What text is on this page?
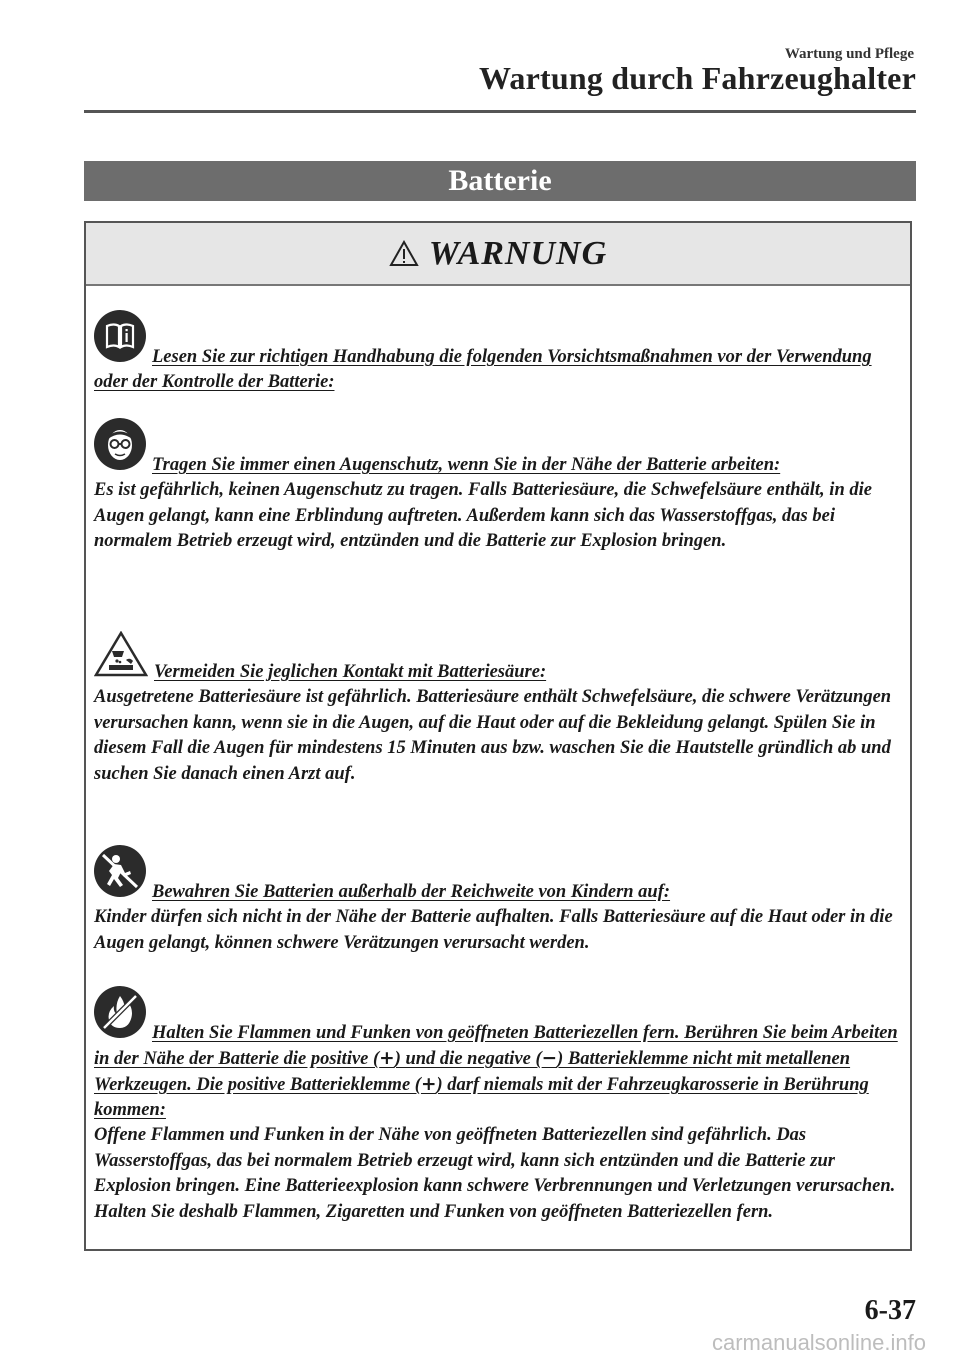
Wartung und Pflege
Wartung durch Fahrzeughalter
Batterie
WARNUNG
Lesen Sie zur richtigen Handhabung die folgenden Vorsichtsmaßnahmen vor der Verwendung oder der Kontrolle der Batterie:
Tragen Sie immer einen Augenschutz, wenn Sie in der Nähe der Batterie arbeiten:
Es ist gefährlich, keinen Augenschutz zu tragen. Falls Batteriesäure, die Schwefelsäure enthält, in die Augen gelangt, kann eine Erblindung auftreten. Außerdem kann sich das Wasserstoffgas, das bei normalem Betrieb erzeugt wird, entzünden und die Batterie zur Explosion bringen.
Vermeiden Sie jeglichen Kontakt mit Batteriesäure:
Ausgetretene Batteriesäure ist gefährlich. Batteriesäure enthält Schwefelsäure, die schwere Verätzungen verursachen kann, wenn sie in die Augen, auf die Haut oder auf die Bekleidung gelangt. Spülen Sie in diesem Fall die Augen für mindestens 15 Minuten aus bzw. waschen Sie die Hautstelle gründlich ab und suchen Sie danach einen Arzt auf.
Bewahren Sie Batterien außerhalb der Reichweite von Kindern auf:
Kinder dürfen sich nicht in der Nähe der Batterie aufhalten. Falls Batteriesäure auf die Haut oder in die Augen gelangt, können schwere Verätzungen verursacht werden.
Halten Sie Flammen und Funken von geöffneten Batteriezellen fern. Berühren Sie beim Arbeiten in der Nähe der Batterie die positive (+) und die negative (−) Batterieklemme nicht mit metallenen Werkzeugen. Die positive Batterieklemme (+) darf niemals mit der Fahrzeugkarosserie in Berührung kommen:
Offene Flammen und Funken in der Nähe von geöffneten Batteriezellen sind gefährlich. Das Wasserstoffgas, das bei normalem Betrieb erzeugt wird, kann sich entzünden und die Batterie zur Explosion bringen. Eine Batterieexplosion kann schwere Verbrennungen und Verletzungen verursachen. Halten Sie deshalb Flammen, Zigaretten und Funken von geöffneten Batteriezellen fern.
6-37
carmanualsonline.info
